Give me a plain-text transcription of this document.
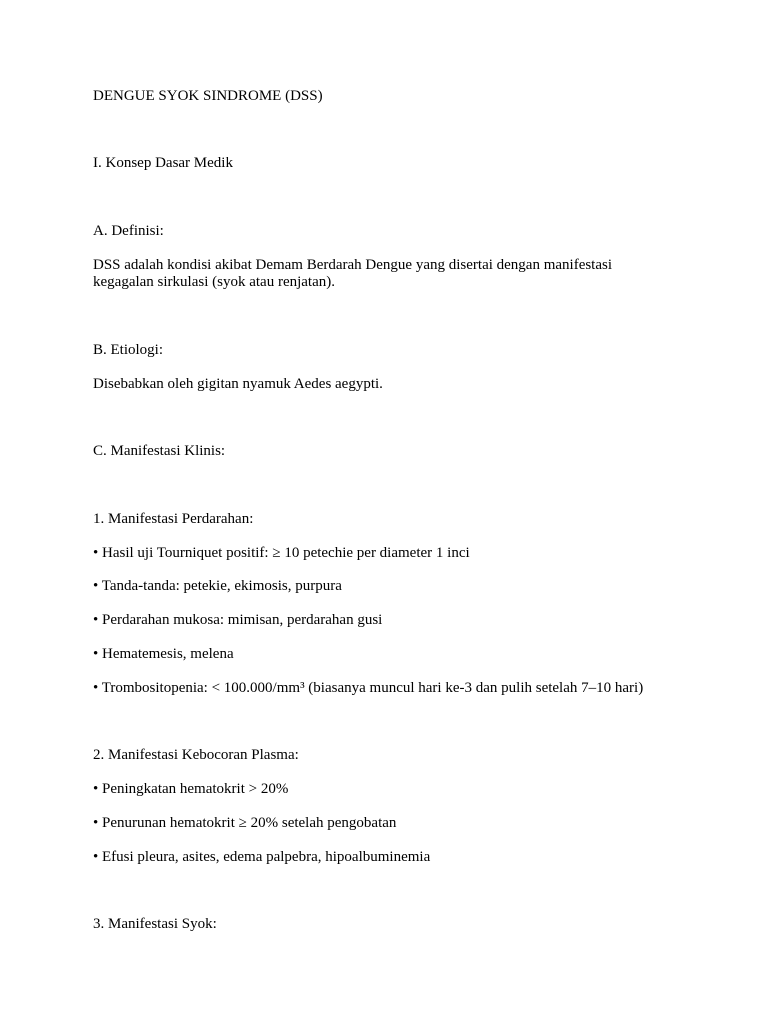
DENGUE SYOK SINDROME (DSS)

I. Konsep Dasar Medik

A. Definisi:

DSS adalah kondisi akibat Demam Berdarah Dengue yang disertai dengan manifestasi

kegagalan sirkulasi (syok atau renjatan).

B. Etiologi:

Disebabkan oleh gigitan nyamuk Aedes aegypti.

C. Manifestasi Klinis:

1. Manifestasi Perdarahan:

• Hasil uji Tourniquet positif: ≥ 10 petechie per diameter 1 inci

• Tanda-tanda: petekie, ekimosis, purpura

• Perdarahan mukosa: mimisan, perdarahan gusi

• Hematemesis, melena

• Trombositopenia: < 100.000/mm³ (biasanya muncul hari ke-3 dan pulih setelah 7–10 hari)

2. Manifestasi Kebocoran Plasma:

• Peningkatan hematokrit > 20%

• Penurunan hematokrit ≥ 20% setelah pengobatan

• Efusi pleura, asites, edema palpebra, hipoalbuminemia

3. Manifestasi Syok:
